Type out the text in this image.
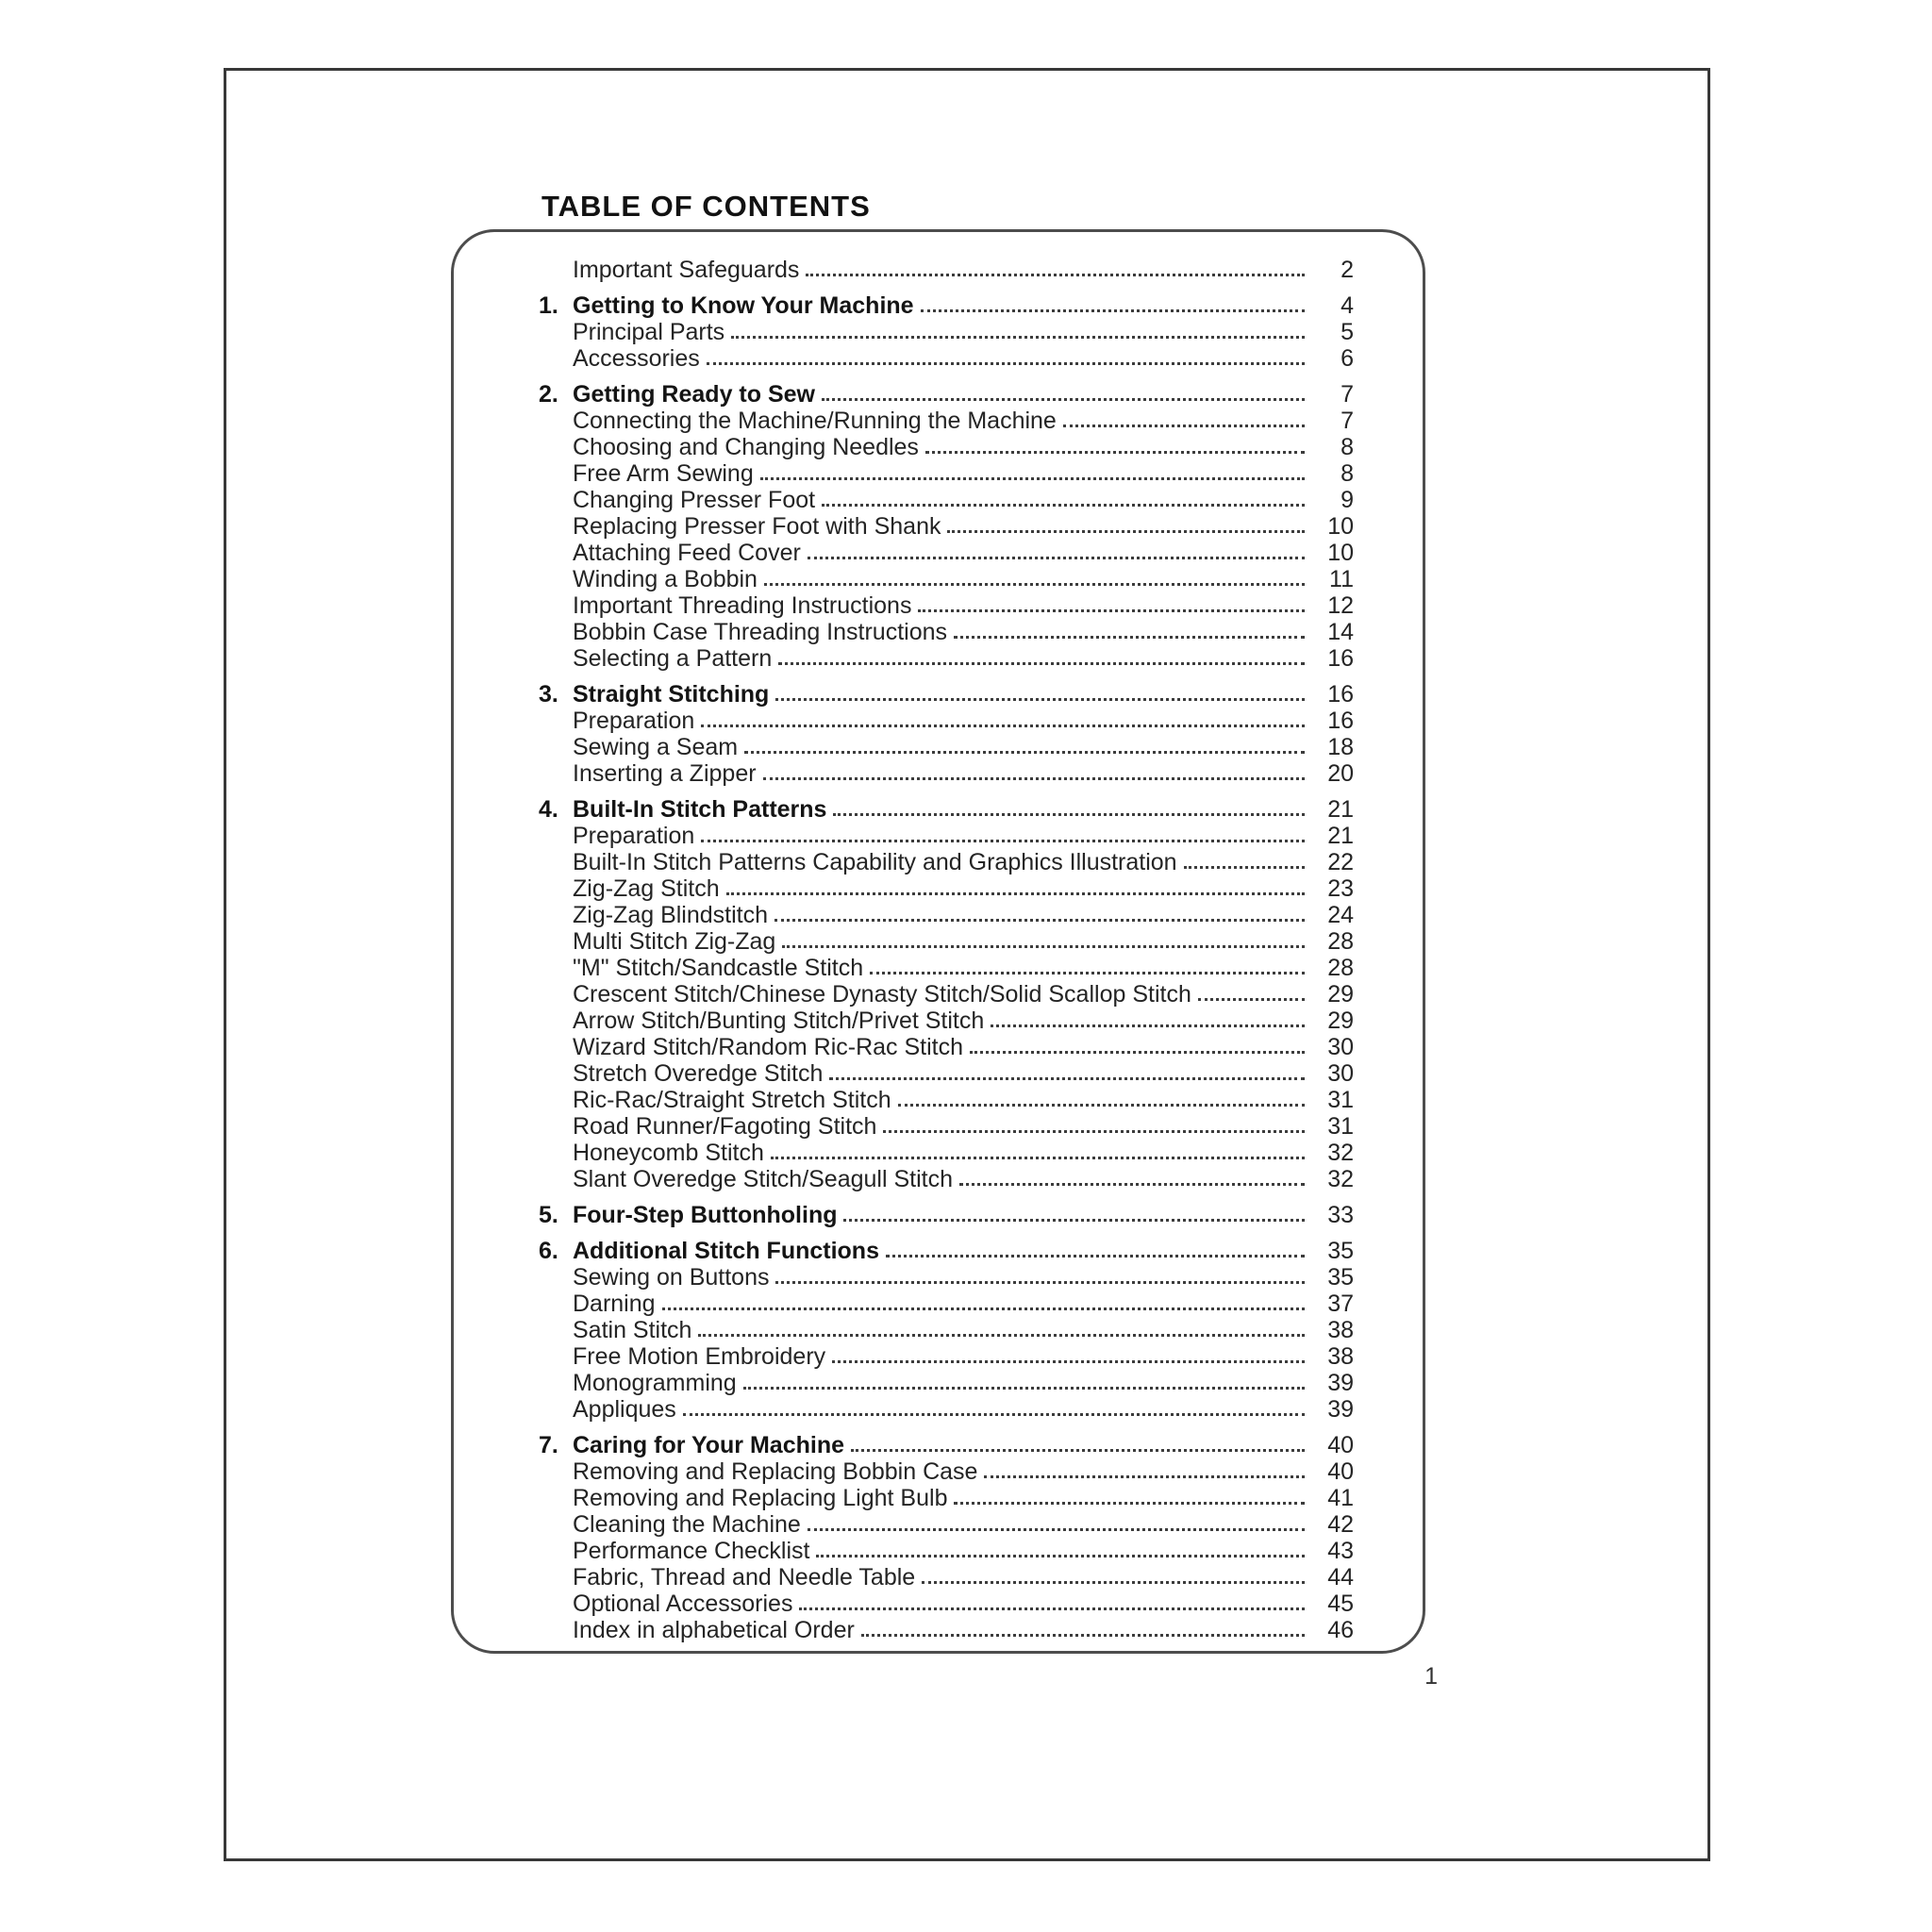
TABLE OF CONTENTS
Important Safeguards	2
1. Getting to Know Your Machine	4
Principal Parts	5
Accessories	6
2. Getting Ready to Sew	7
Connecting the Machine/Running the Machine	7
Choosing and Changing Needles	8
Free Arm Sewing	8
Changing Presser Foot	9
Replacing Presser Foot with Shank	10
Attaching Feed Cover	10
Winding a Bobbin	11
Important Threading Instructions	12
Bobbin Case Threading Instructions	14
Selecting a Pattern	16
3. Straight Stitching	16
Preparation	16
Sewing a Seam	18
Inserting a Zipper	20
4. Built-In Stitch Patterns	21
Preparation	21
Built-In Stitch Patterns Capability and Graphics Illustration	22
Zig-Zag Stitch	23
Zig-Zag Blindstitch	24
Multi Stitch Zig-Zag	28
"M" Stitch/Sandcastle Stitch	28
Crescent Stitch/Chinese Dynasty Stitch/Solid Scallop Stitch	29
Arrow Stitch/Bunting Stitch/Privet Stitch	29
Wizard Stitch/Random Ric-Rac Stitch	30
Stretch Overedge Stitch	30
Ric-Rac/Straight Stretch Stitch	31
Road Runner/Fagoting Stitch	31
Honeycomb Stitch	32
Slant Overedge Stitch/Seagull Stitch	32
5. Four-Step Buttonholing	33
6. Additional Stitch Functions	35
Sewing on Buttons	35
Darning	37
Satin Stitch	38
Free Motion Embroidery	38
Monogramming	39
Appliques	39
7. Caring for Your Machine	40
Removing and Replacing Bobbin Case	40
Removing and Replacing Light Bulb	41
Cleaning the Machine	42
Performance Checklist	43
Fabric, Thread and Needle Table	44
Optional Accessories	45
Index in alphabetical Order	46
1
